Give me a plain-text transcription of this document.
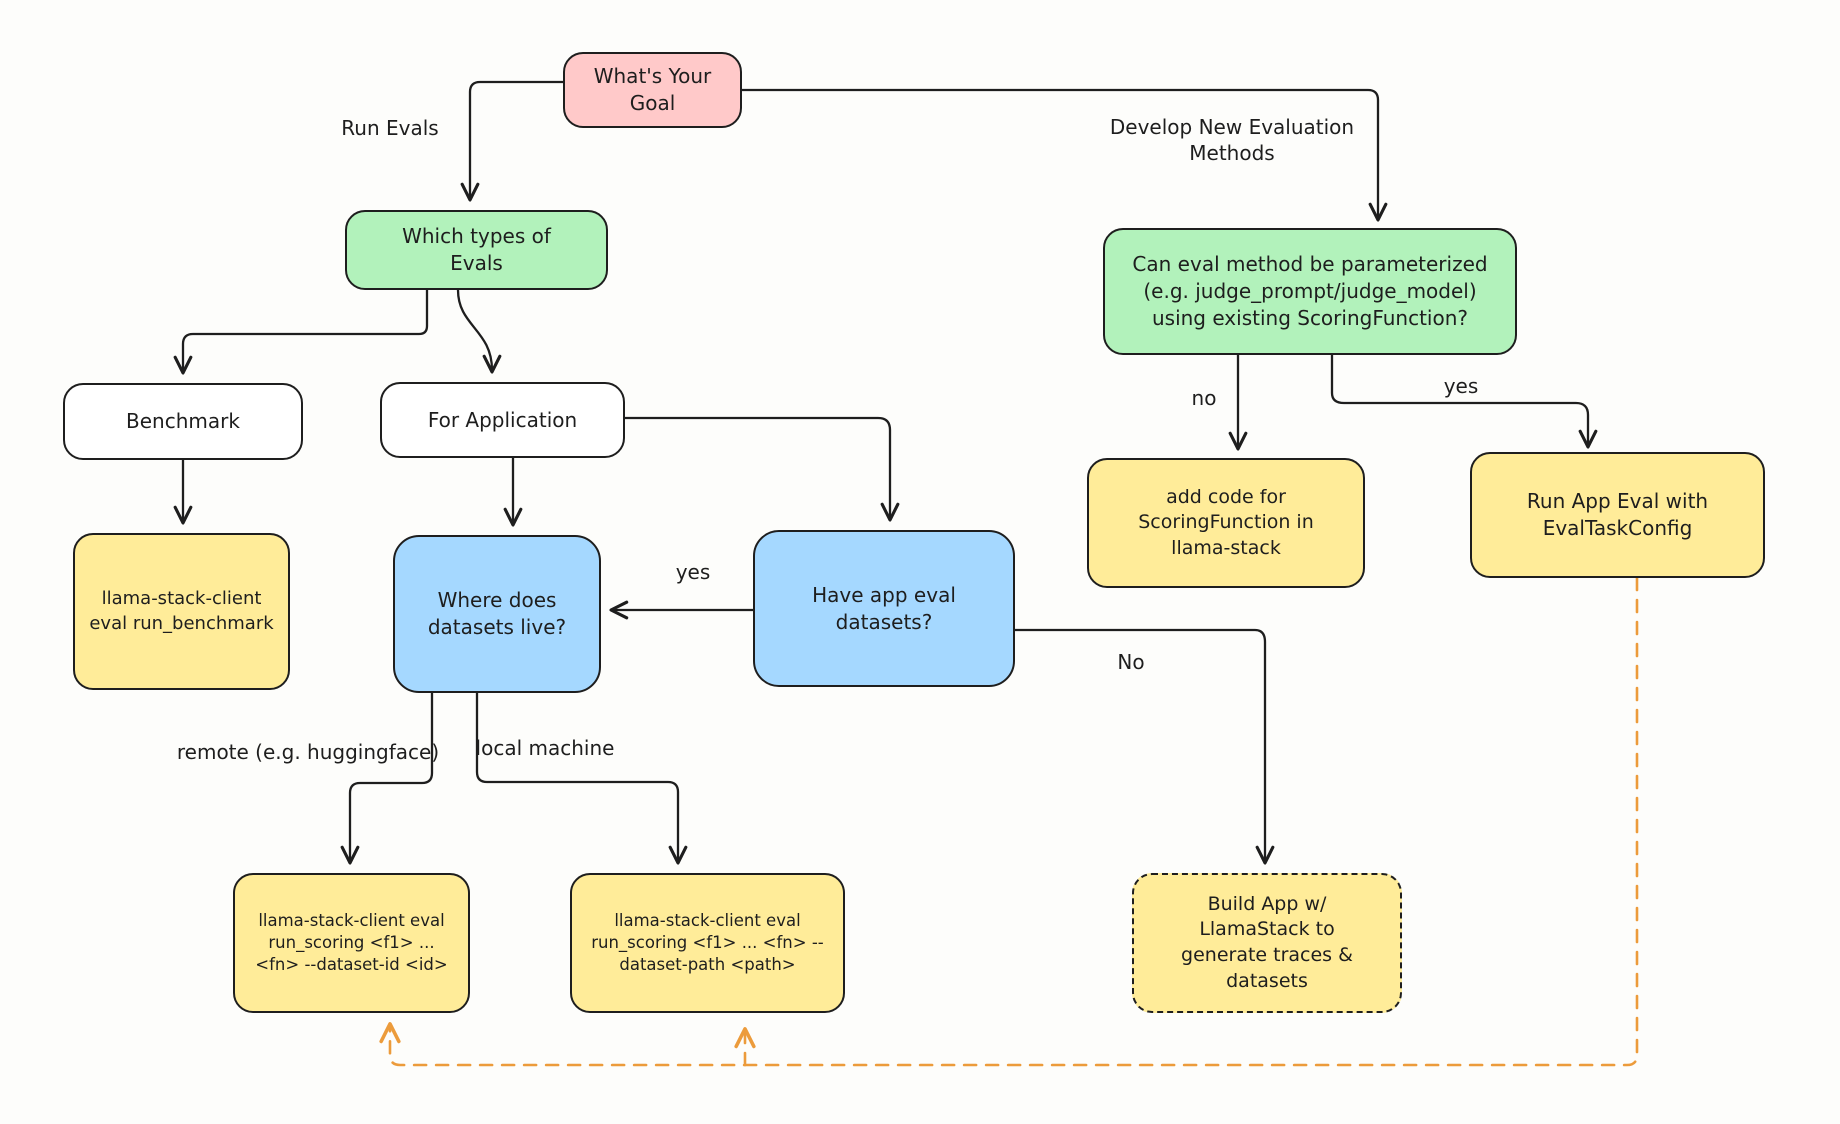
What's Your Goal
Which types of Evals
Benchmark	For Application
llama-stack-client eval run_benchmark
Where does datasets live?
Have app eval datasets?
Can eval method be parameterized (e.g. judge_prompt/judge_model) using existing ScoringFunction?
add code for ScoringFunction in llama-stack
Run App Eval with EvalTaskConfig
llama-stack-client eval run_scoring <f1> ... <fn> --dataset-id <id>
llama-stack-client eval run_scoring <f1> ... <fn> --dataset-path <path>
Build App w/ LlamaStack to generate traces & datasets
Run Evals	Develop New Evaluation Methods
yes
No
no	yes
remote (e.g. huggingface) local machine
